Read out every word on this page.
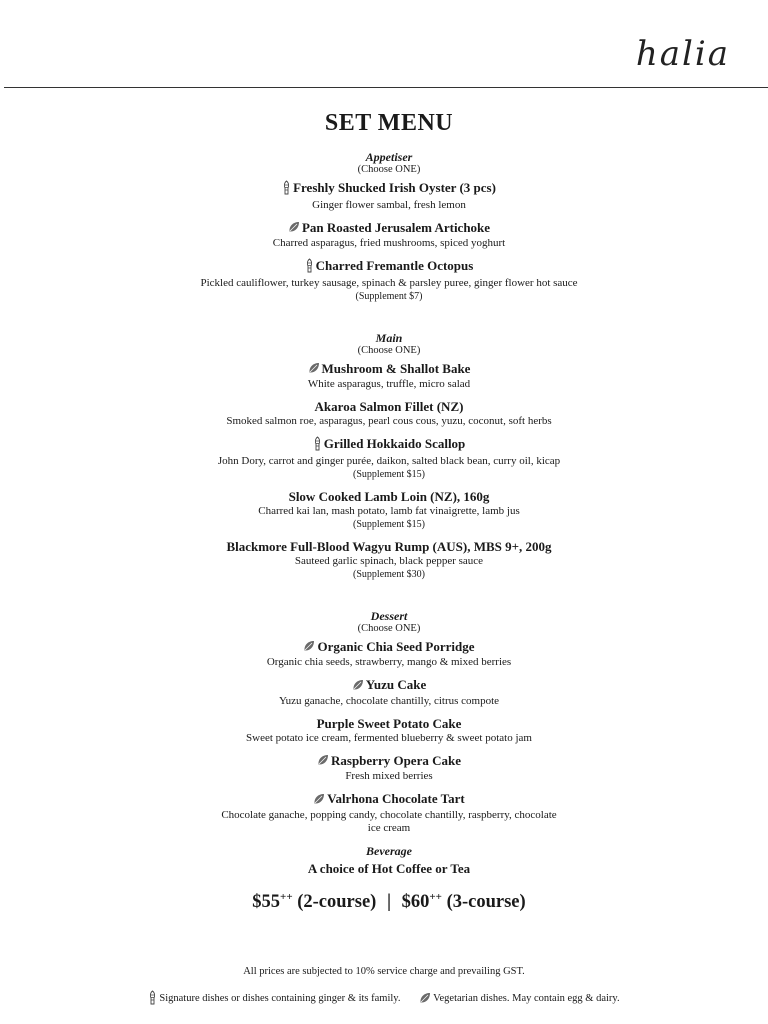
halia
SET MENU
Appetiser
(Choose ONE)
Freshly Shucked Irish Oyster (3 pcs)
Ginger flower sambal, fresh lemon
Pan Roasted Jerusalem Artichoke
Charred asparagus, fried mushrooms, spiced yoghurt
Charred Fremantle Octopus
Pickled cauliflower, turkey sausage, spinach & parsley puree, ginger flower hot sauce
(Supplement $7)
Main
(Choose ONE)
Mushroom & Shallot Bake
White asparagus, truffle, micro salad
Akaroa Salmon Fillet (NZ)
Smoked salmon roe, asparagus, pearl cous cous, yuzu, coconut, soft herbs
Grilled Hokkaido Scallop
John Dory, carrot and ginger purée, daikon, salted black bean, curry oil, kicap
(Supplement $15)
Slow Cooked Lamb Loin (NZ), 160g
Charred kai lan, mash potato, lamb fat vinaigrette, lamb jus
(Supplement $15)
Blackmore Full-Blood Wagyu Rump (AUS), MBS 9+, 200g
Sauteed garlic spinach, black pepper sauce
(Supplement $30)
Dessert
(Choose ONE)
Organic Chia Seed Porridge
Organic chia seeds, strawberry, mango & mixed berries
Yuzu Cake
Yuzu ganache, chocolate chantilly, citrus compote
Purple Sweet Potato Cake
Sweet potato ice cream, fermented blueberry & sweet potato jam
Raspberry Opera Cake
Fresh mixed berries
Valrhona Chocolate Tart
Chocolate ganache, popping candy, chocolate chantilly, raspberry, chocolate ice cream
Beverage
A choice of Hot Coffee or Tea
$55++ (2-course) | $60++ (3-course)
All prices are subjected to 10% service charge and prevailing GST.
Signature dishes or dishes containing ginger & its family.	Vegetarian dishes. May contain egg & dairy.
